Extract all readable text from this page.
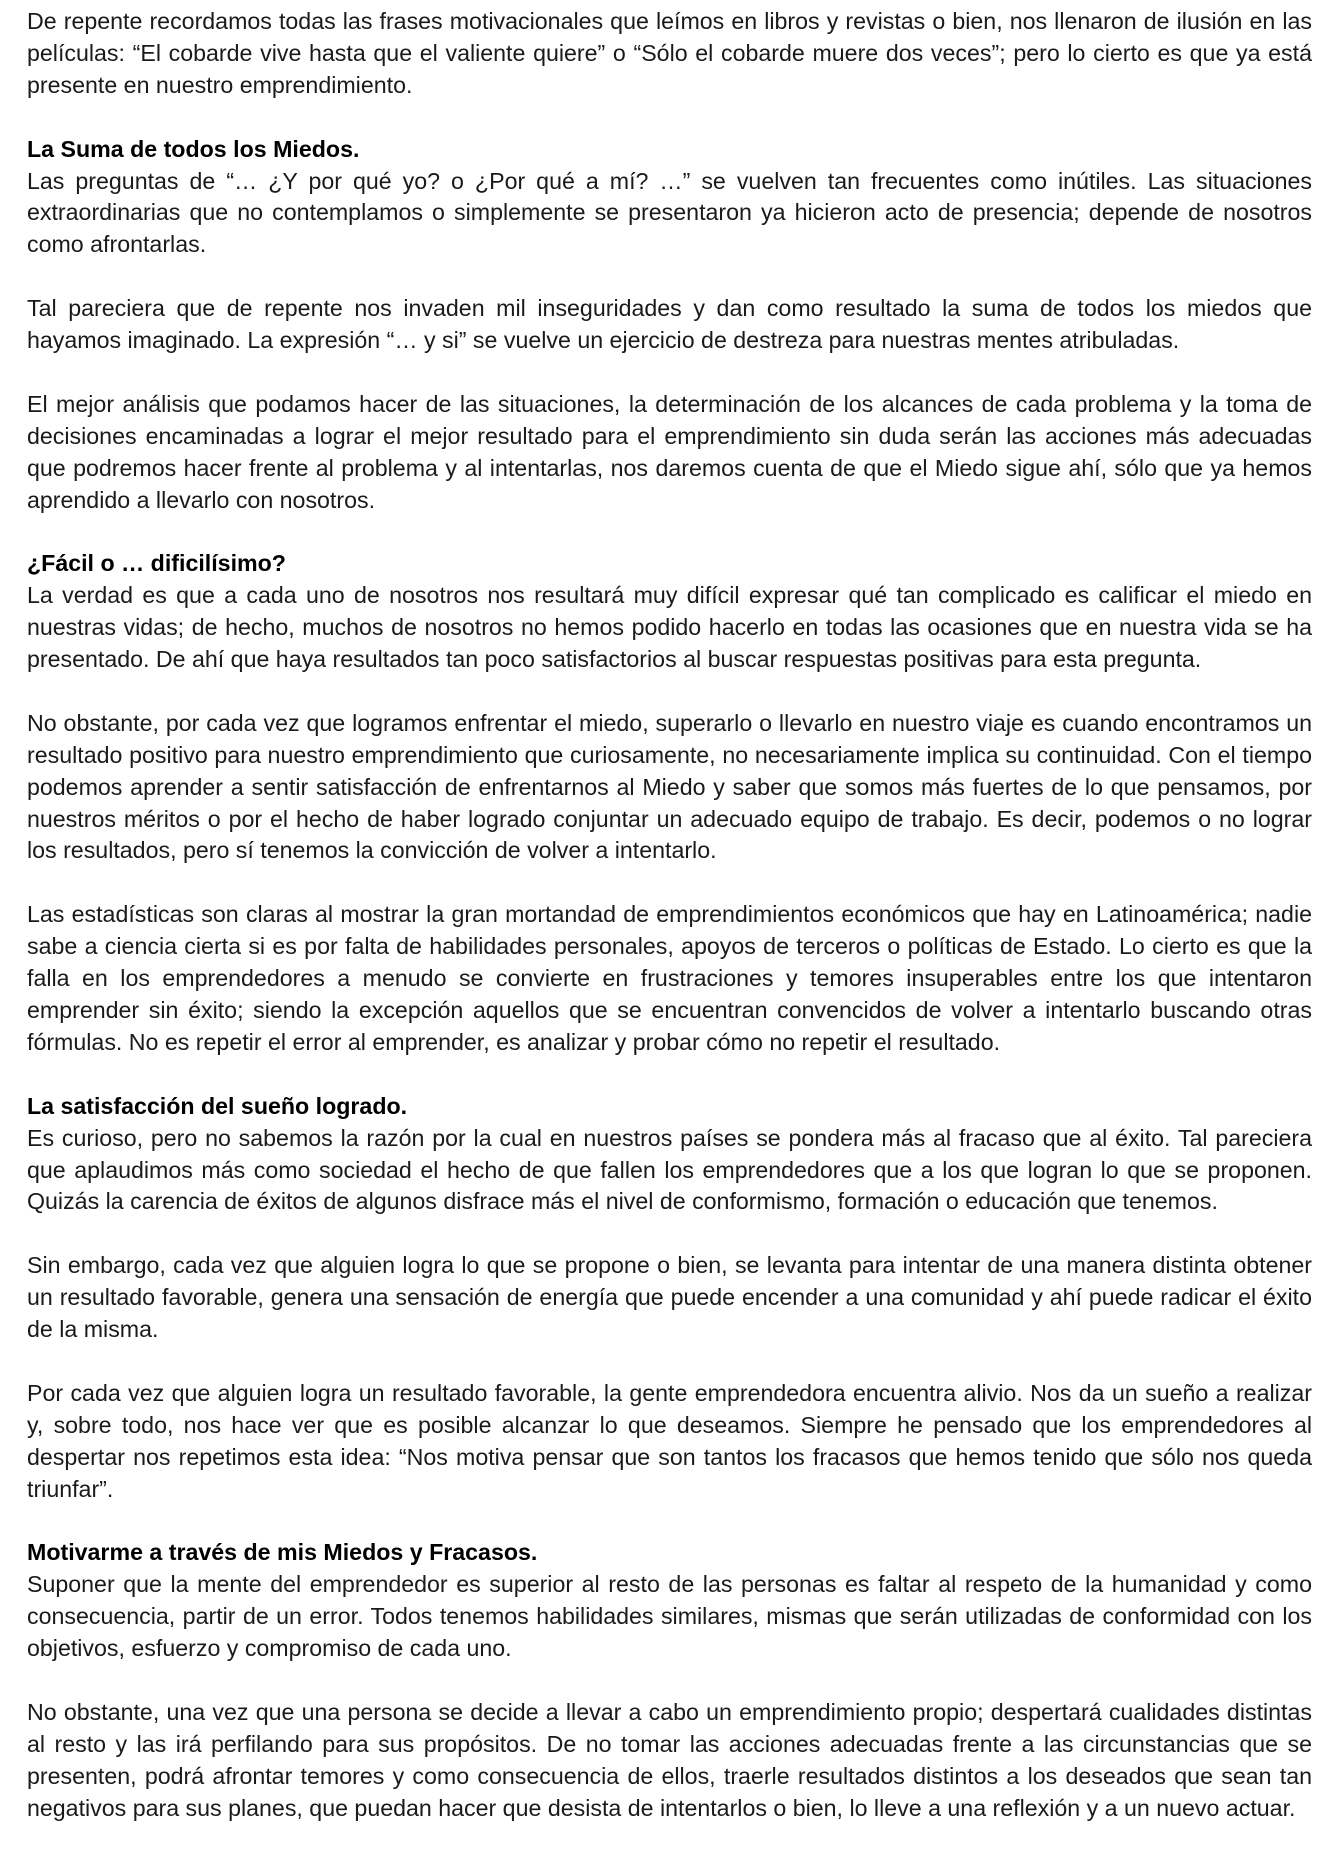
De repente recordamos todas las frases motivacionales que leímos en libros y revistas o bien, nos llenaron de ilusión en las películas: “El cobarde vive hasta que el valiente quiere” o “Sólo el cobarde muere dos veces”; pero lo cierto es que ya está presente en nuestro emprendimiento.

La Suma de todos los Miedos.
Las preguntas de “… ¿Y por qué yo? o ¿Por qué a mí? …” se vuelven tan frecuentes como inútiles. Las situaciones extraordinarias que no contemplamos o simplemente se presentaron ya hicieron acto de presencia; depende de nosotros como afrontarlas.

Tal pareciera que de repente nos invaden mil inseguridades y dan como resultado la suma de todos los miedos que hayamos imaginado. La expresión “… y si” se vuelve un ejercicio de destreza para nuestras mentes atribuladas.

El mejor análisis que podamos hacer de las situaciones, la determinación de los alcances de cada problema y la toma de decisiones encaminadas a lograr el mejor resultado para el emprendimiento sin duda serán las acciones más adecuadas que podremos hacer frente al problema y al intentarlas, nos daremos cuenta de que el Miedo sigue ahí, sólo que ya hemos aprendido a llevarlo con nosotros.

¿Fácil o … dificilísimo?
La verdad es que a cada uno de nosotros nos resultará muy difícil expresar qué tan complicado es calificar el miedo en nuestras vidas; de hecho, muchos de nosotros no hemos podido hacerlo en todas las ocasiones que en nuestra vida se ha presentado. De ahí que haya resultados tan poco satisfactorios al buscar respuestas positivas para esta pregunta.

No obstante, por cada vez que logramos enfrentar el miedo, superarlo o llevarlo en nuestro viaje es cuando encontramos un resultado positivo para nuestro emprendimiento que curiosamente, no necesariamente implica su continuidad. Con el tiempo podemos aprender a sentir satisfacción de enfrentarnos al Miedo y saber que somos más fuertes de lo que pensamos, por nuestros méritos o por el hecho de haber logrado conjuntar un adecuado equipo de trabajo. Es decir, podemos o no lograr los resultados, pero sí tenemos la convicción de volver a intentarlo.

Las estadísticas son claras al mostrar la gran mortandad de emprendimientos económicos que hay en Latinoamérica; nadie sabe a ciencia cierta si es por falta de habilidades personales, apoyos de terceros o políticas de Estado. Lo cierto es que la falla en los emprendedores a menudo se convierte en frustraciones y temores insuperables entre los que intentaron emprender sin éxito; siendo la excepción aquellos que se encuentran convencidos de volver a intentarlo buscando otras fórmulas. No es repetir el error al emprender, es analizar y probar cómo no repetir el resultado.

La satisfacción del sueño logrado.
Es curioso, pero no sabemos la razón por la cual en nuestros países se pondera más al fracaso que al éxito. Tal pareciera que aplaudimos más como sociedad el hecho de que fallen los emprendedores que a los que logran lo que se proponen. Quizás la carencia de éxitos de algunos disfrace más el nivel de conformismo, formación o educación que tenemos.

Sin embargo, cada vez que alguien logra lo que se propone o bien, se levanta para intentar de una manera distinta obtener un resultado favorable, genera una sensación de energía que puede encender a una comunidad y ahí puede radicar el éxito de la misma.

Por cada vez que alguien logra un resultado favorable, la gente emprendedora encuentra alivio. Nos da un sueño a realizar y, sobre todo, nos hace ver que es posible alcanzar lo que deseamos. Siempre he pensado que los emprendedores al despertar nos repetimos esta idea: “Nos motiva pensar que son tantos los fracasos que hemos tenido que sólo nos queda triunfar”.

Motivarme a través de mis Miedos y Fracasos.
Suponer que la mente del emprendedor es superior al resto de las personas es faltar al respeto de la humanidad y como consecuencia, partir de un error. Todos tenemos habilidades similares, mismas que serán utilizadas de conformidad con los objetivos, esfuerzo y compromiso de cada uno.

No obstante, una vez que una persona se decide a llevar a cabo un emprendimiento propio; despertará cualidades distintas al resto y las irá perfilando para sus propósitos. De no tomar las acciones adecuadas frente a las circunstancias que se presenten, podrá afrontar temores y como consecuencia de ellos, traerle resultados distintos a los deseados que sean tan negativos para sus planes, que puedan hacer que desista de intentarlos o bien, lo lleve a una reflexión y a un nuevo actuar.
